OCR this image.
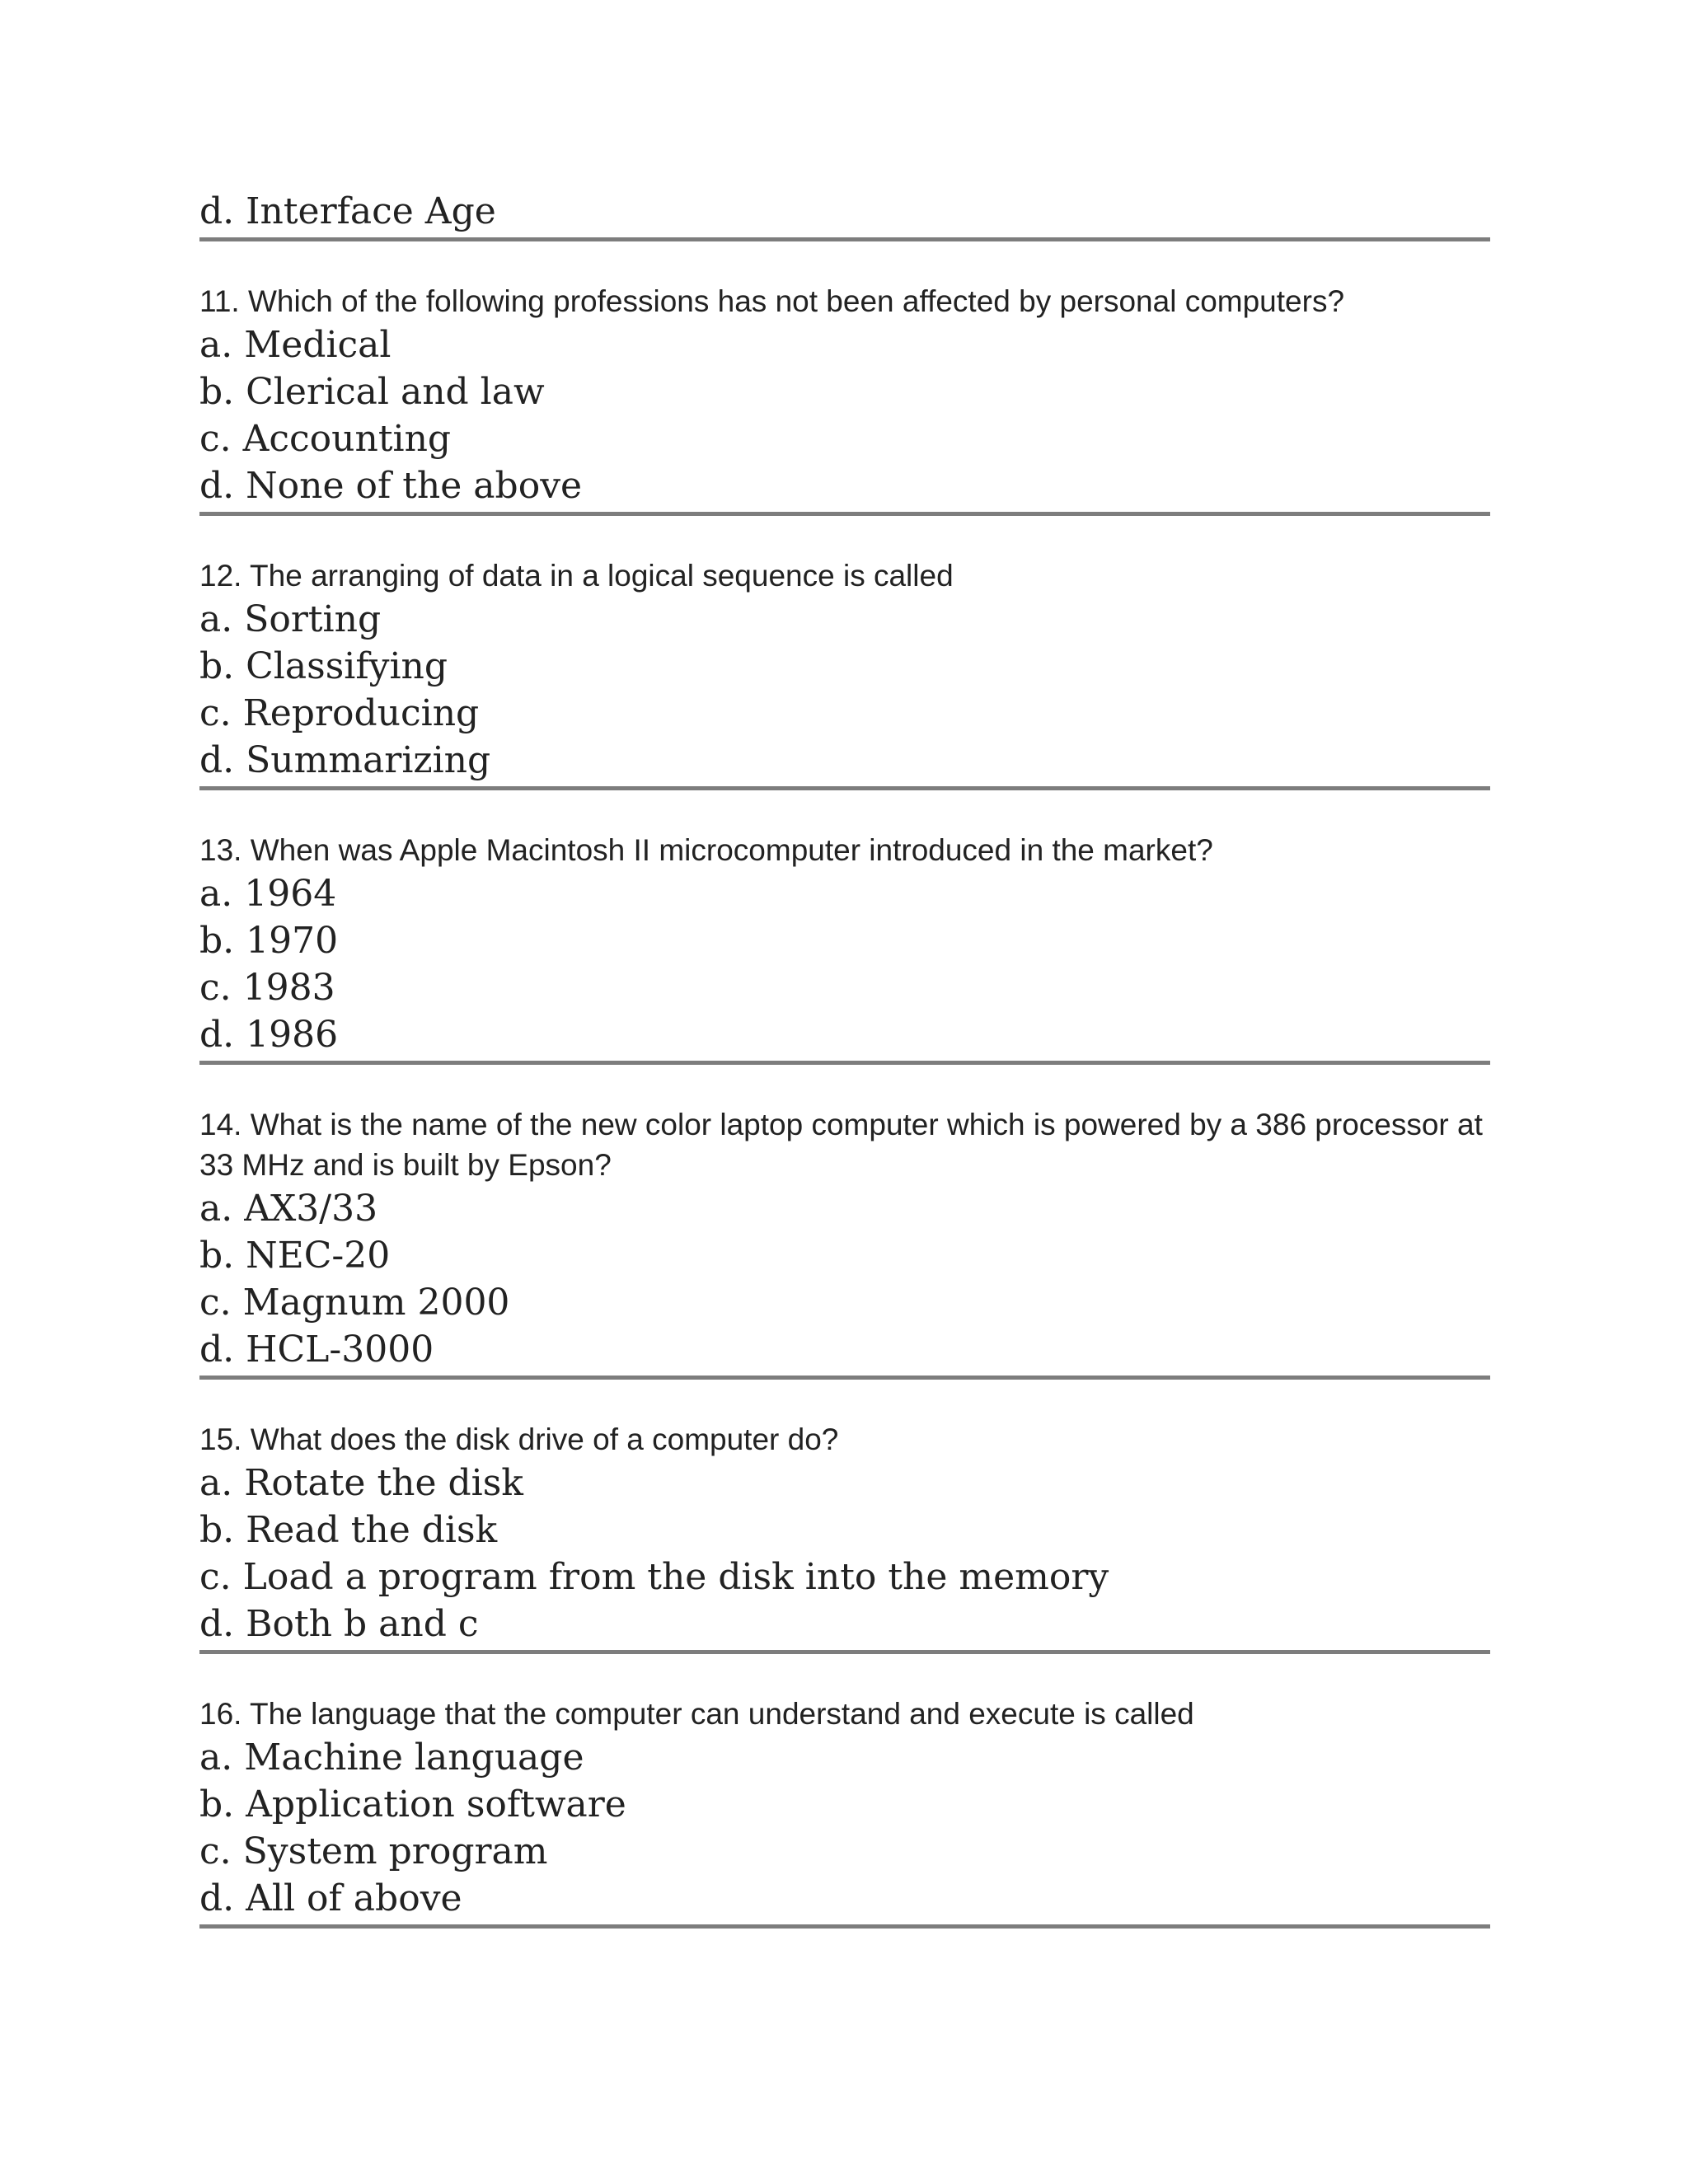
d. Interface Age

11. Which of the following professions has not been affected by personal computers?

a. Medical
b. Clerical and law
c. Accounting
d. None of the above

12. The arranging of data in a logical sequence is called

a. Sorting
b. Classifying
c. Reproducing
d. Summarizing

13. When was Apple Macintosh II microcomputer introduced in the market?

a. 1964
b. 1970
c. 1983
d. 1986

14. What is the name of the new color laptop computer which is powered by a 386 processor at 33 MHz and is built by Epson?

a. AX3/33
b. NEC-20
c. Magnum 2000
d. HCL-3000

15. What does the disk drive of a computer do?

a. Rotate the disk
b. Read the disk
c. Load a program from the disk into the memory
d. Both b and c

16. The language that the computer can understand and execute is called

a. Machine language
b. Application software
c. System program
d. All of above
